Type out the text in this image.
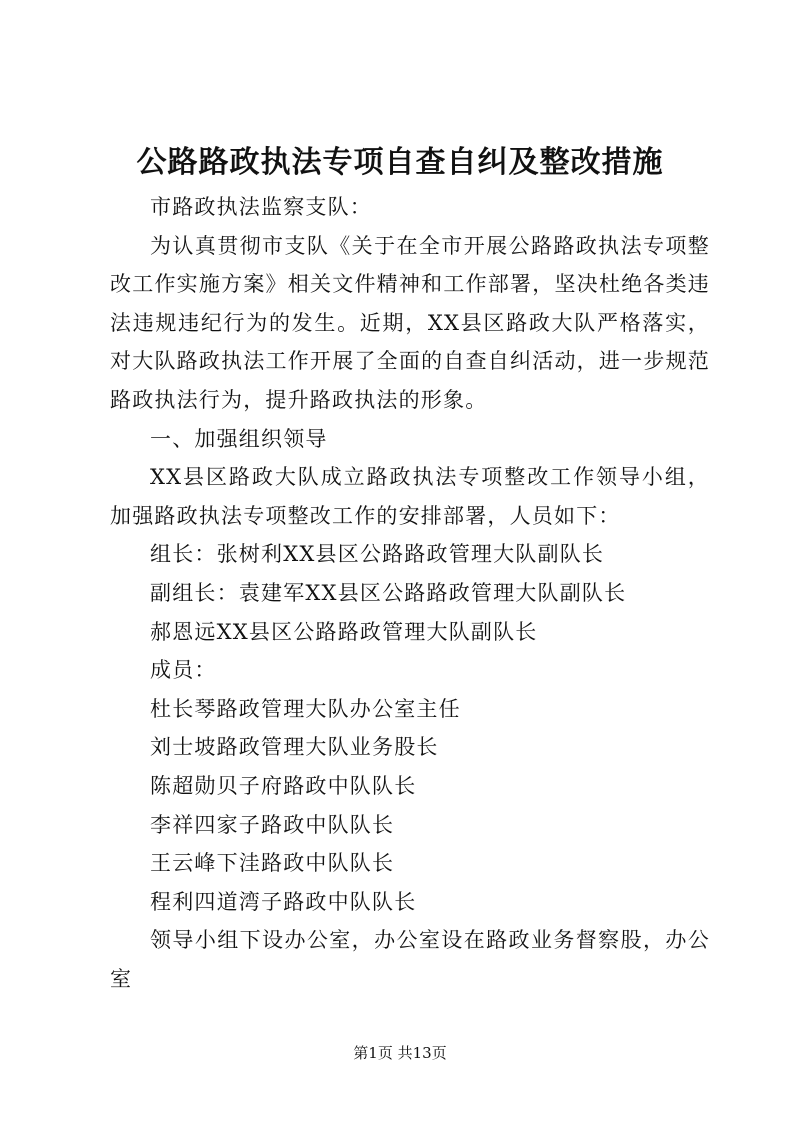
公路路政执法专项自查自纠及整改措施

市路政执法监察支队：

为认真贯彻市支队《关于在全市开展公路路政执法专项整改工作实施方案》相关文件精神和工作部署，坚决杜绝各类违法违规违纪行为的发生。近期，XX县区路政大队严格落实，对大队路政执法工作开展了全面的自查自纠活动，进一步规范路政执法行为，提升路政执法的形象。

一、加强组织领导

XX县区路政大队成立路政执法专项整改工作领导小组，加强路政执法专项整改工作的安排部署，人员如下：

组长：张树利XX县区公路路政管理大队副队长

副组长：袁建军XX县区公路路政管理大队副队长

郝恩远XX县区公路路政管理大队副队长

成员：

杜长琴路政管理大队办公室主任

刘士坡路政管理大队业务股长

陈超勋贝子府路政中队队长

李祥四家子路政中队队长

王云峰下洼路政中队队长

程利四道湾子路政中队队长

领导小组下设办公室，办公室设在路政业务督察股，办公室

第1页 共13页
